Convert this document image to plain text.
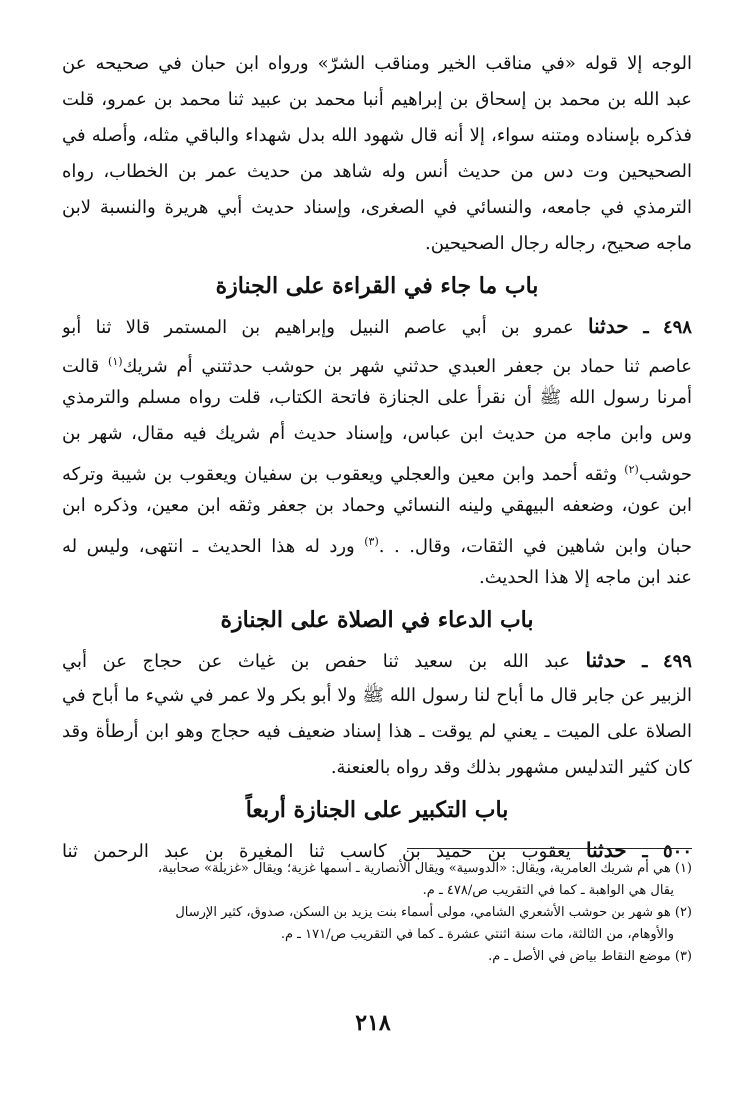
الوجه إلا قوله «في مناقب الخير ومناقب الشرّ» ورواه ابن حبان في صحيحه عن
عبد الله بن محمد بن إسحاق بن إبراهيم أنبا محمد بن عبيد ثنا محمد بن عمرو، قلت
فذكره بإسناده ومتنه سواء، إلا أنه قال شهود الله بدل شهداء والباقي مثله، وأصله في
الصحيحين وت دس من حديث أنس وله شاهد من حديث عمر بن الخطاب، رواه
الترمذي في جامعه، والنسائي في الصغرى، وإسناد حديث أبي هريرة والنسبة لابن
ماجه صحيح، رجاله رجال الصحيحين.
باب ما جاء في القراءة على الجنازة
٤٩٨ ـ حدثنا عمرو بن أبي عاصم النبيل وإبراهيم بن المستمر قالا ثنا أبو
عاصم ثنا حماد بن جعفر العبدي حدثني شهر بن حوشب حدثتني أم شريك$^{(١)}$ قالت
أمرنا رسول الله ﷺ أن نقرأ على الجنازة فاتحة الكتاب، قلت رواه مسلم والترمذي
وس وابن ماجه من حديث ابن عباس، وإسناد حديث أم شريك فيه مقال، شهر بن
حوشب$^{(٢)}$ وثقه أحمد وابن معين والعجلي ويعقوب بن سفيان ويعقوب بن شيبة وتركه
ابن عون، وضعفه البيهقي ولينه النسائي وحماد بن جعفر وثقه ابن معين، وذكره ابن
حبان وابن شاهين في الثقات، وقال. . .$^{(٣)}$ ورد له هذا الحديث ـ انتهى، وليس له
عند ابن ماجه إلا هذا الحديث.
باب الدعاء في الصلاة على الجنازة
٤٩٩ ـ حدثنا عبد الله بن سعيد ثنا حفص بن غياث عن حجاج عن أبي
الزبير عن جابر قال ما أباح لنا رسول الله ﷺ ولا أبو بكر ولا عمر في شيء ما أباح في
الصلاة على الميت ـ يعني لم يوقت ـ هذا إسناد ضعيف فيه حجاج وهو ابن أرطأة وقد
كان كثير التدليس مشهور بذلك وقد رواه بالعنعنة.
باب التكبير على الجنازة أربعاً
٥٠٠ ـ حدثنا يعقوب بن حميد بن كاسب ثنا المغيرة بن عبد الرحمن ثنا
(١) هي أم شريك العامرية، ويقال: «الدوسية» ويقال الأنصارية ـ اسمها غزية؛ ويقال «غزيلة» صحابية،
يقال هي الواهبة ـ كما في التقريب ص/٤٧٨ ـ م.
(٢) هو شهر بن حوشب الأشعري الشامي، مولى أسماء بنت يزيد بن السكن، صدوق، كثير الإرسال
والأوهام، من الثالثة، مات سنة اثنتي عشرة ـ كما في التقريب ص/١٧١ ـ م.
(٣) موضع النقاط بياض في الأصل ـ م.
٢١٨
